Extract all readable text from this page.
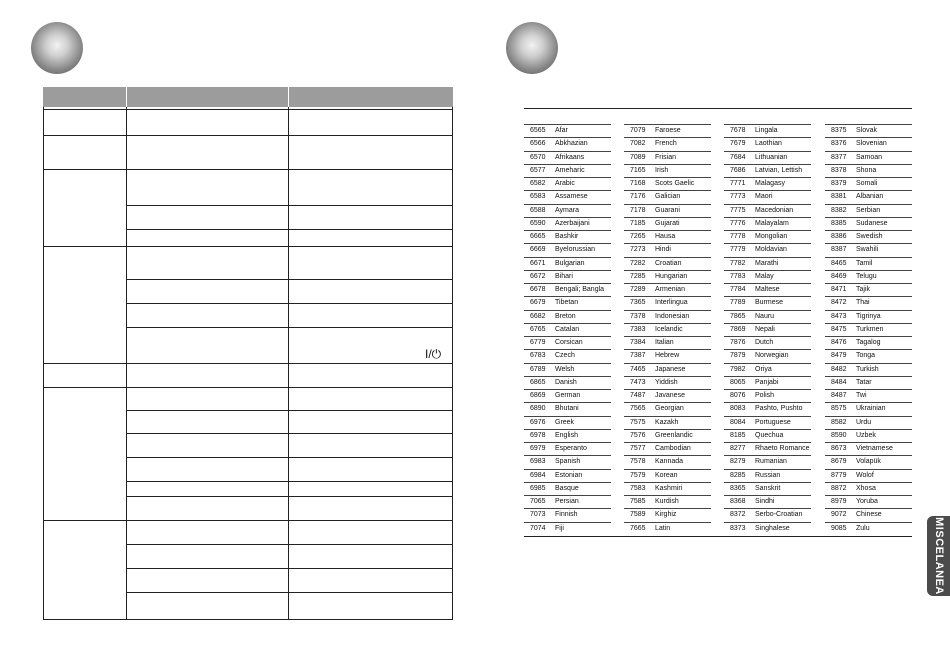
I/⏻
6565 Afar
6566 Abkhazian
6570 Afrikaans
6577 Ameharic
6582 Arabic
6583 Assamese
6588 Aymara
6590 Azerbaijani
6665 Bashkir
6669 Byelorussian
6671 Bulgarian
6672 Bihari
6678 Bengali; Bangla
6679 Tibetan
6682 Breton
6765 Catalan
6779 Corsican
6783 Czech
6789 Welsh
6865 Danish
6869 German
6890 Bhutani
6976 Greek
6978 English
6979 Esperanto
6983 Spanish
6984 Estonian
6985 Basque
7065 Persian
7073 Finnish
7074 Fiji
7079 Faroese
7082 French
7089 Frisian
7165 Irish
7168 Scots Gaelic
7176 Galician
7178 Guarani
7185 Gujarati
7265 Hausa
7273 Hindi
7282 Croatian
7285 Hungarian
7289 Armenian
7365 Interlingua
7378 Indonesian
7383 Icelandic
7384 Italian
7387 Hebrew
7465 Japanese
7473 Yiddish
7487 Javanese
7565 Georgian
7575 Kazakh
7576 Greenlandic
7577 Cambodian
7578 Kannada
7579 Korean
7583 Kashmiri
7585 Kurdish
7589 Kirghiz
7665 Latin
7678 Lingala
7679 Laothian
7684 Lithuanian
7686 Latvian, Lettish
7771 Malagasy
7773 Maori
7775 Macedonian
7776 Malayalam
7778 Mongolian
7779 Moldavian
7782 Marathi
7783 Malay
7784 Maltese
7789 Burmese
7865 Nauru
7869 Nepali
7876 Dutch
7879 Norwegian
7982 Oriya
8065 Panjabi
8076 Polish
8083 Pashto, Pushto
8084 Portuguese
8185 Quechua
8277 Rhaeto Romance
8279 Rumanian
8285 Russian
8365 Sanskrit
8368 Sindhi
8372 Serbo-Croatian
8373 Singhalese
8375 Slovak
8376 Slovenian
8377 Samoan
8378 Shona
8379 Somali
8381 Albanian
8382 Serbian
8385 Sudanese
8386 Swedish
8387 Swahili
8465 Tamil
8469 Telugu
8471 Tajik
8472 Thai
8473 Tigrinya
8475 Turkmen
8476 Tagalog
8479 Tonga
8482 Turkish
8484 Tatar
8487 Twi
8575 Ukrainian
8582 Urdu
8590 Uzbek
8673 Vietnamese
8679 Volapük
8779 Wolof
8872 Xhosa
8979 Yoruba
9072 Chinese
9085 Zulu	MISCELANEA
